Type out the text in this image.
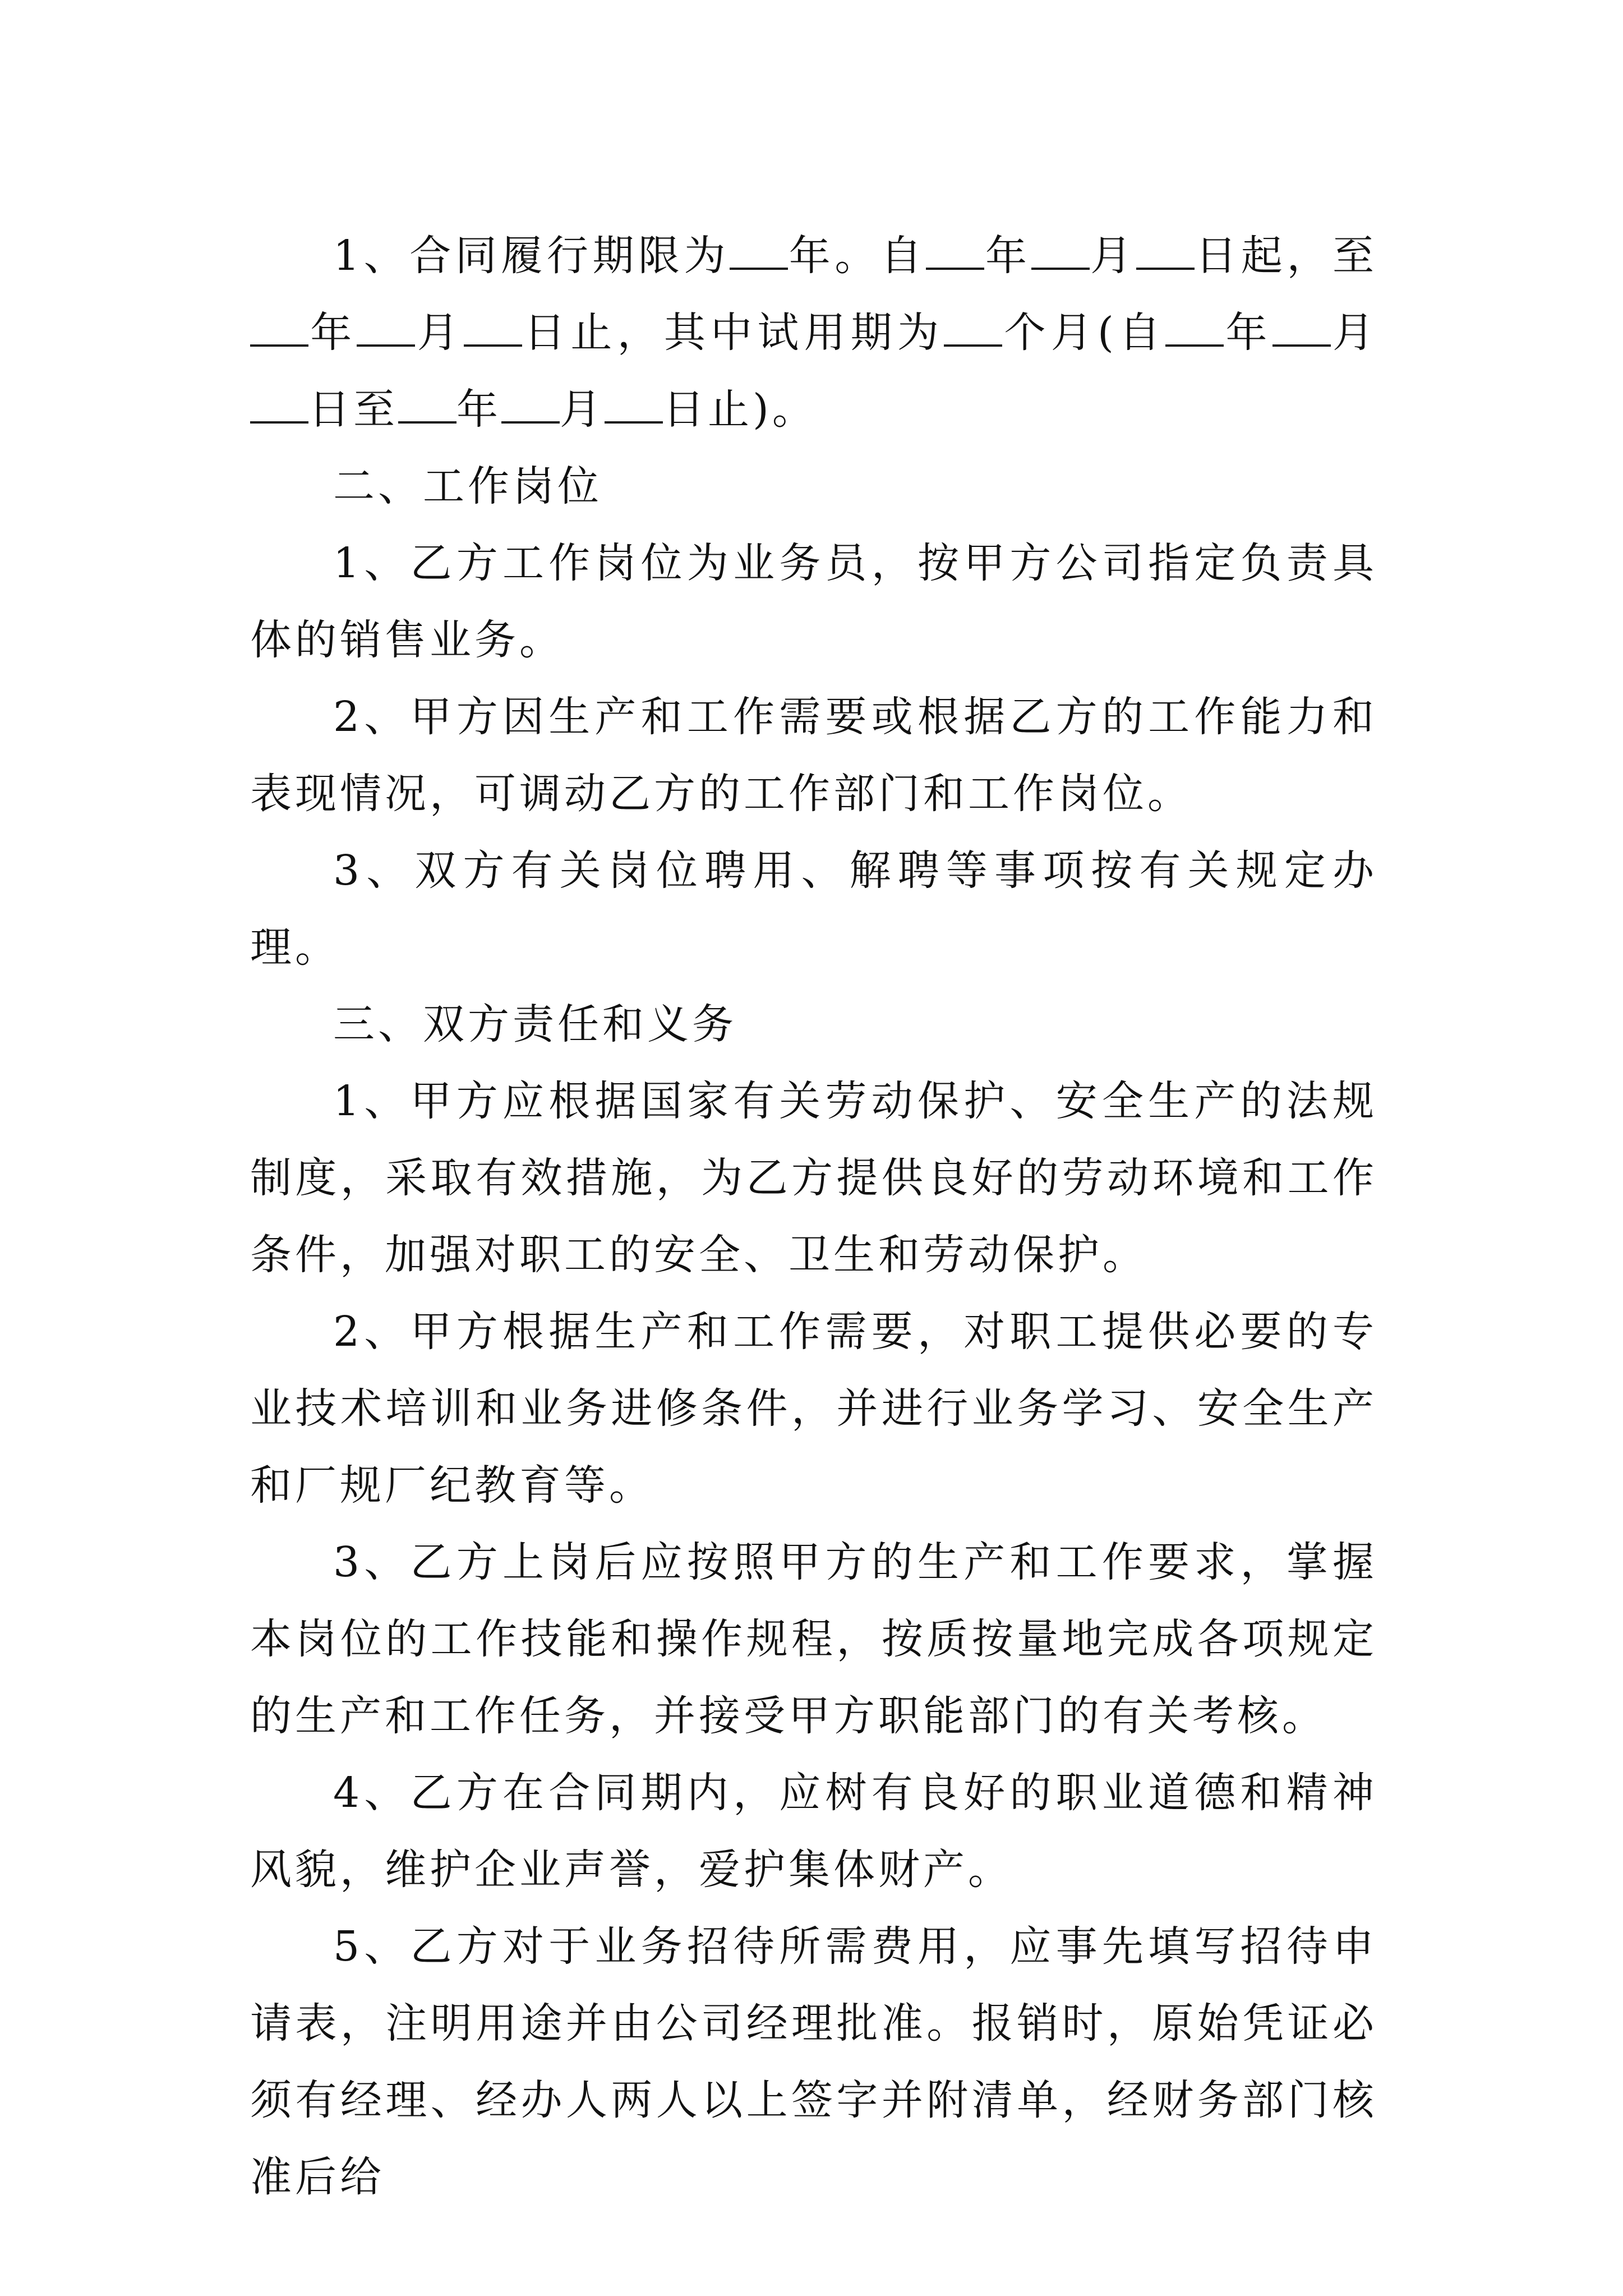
1、合同履行期限为 年。自 年 月 日起，至年 月 日止，其中试用期为 个月(自 年 月日至 年 月 日止)。

二、工作岗位

1、乙方工作岗位为业务员，按甲方公司指定负责具体的销售业务。

2、甲方因生产和工作需要或根据乙方的工作能力和表现情况，可调动乙方的工作部门和工作岗位。

3、双方有关岗位聘用、解聘等事项按有关规定办理。

三、双方责任和义务

1、甲方应根据国家有关劳动保护、安全生产的法规制度，采取有效措施，为乙方提供良好的劳动环境和工作条件，加强对职工的安全、卫生和劳动保护。

2、甲方根据生产和工作需要，对职工提供必要的专业技术培训和业务进修条件，并进行业务学习、安全生产和厂规厂纪教育等。

3、乙方上岗后应按照甲方的生产和工作要求，掌握本岗位的工作技能和操作规程，按质按量地完成各项规定的生产和工作任务，并接受甲方职能部门的有关考核。

4、乙方在合同期内，应树有良好的职业道德和精神风貌，维护企业声誉，爱护集体财产。

5、乙方对于业务招待所需费用，应事先填写招待申请表，注明用途并由公司经理批准。报销时，原始凭证必须有经理、经办人两人以上签字并附清单，经财务部门核准后给
